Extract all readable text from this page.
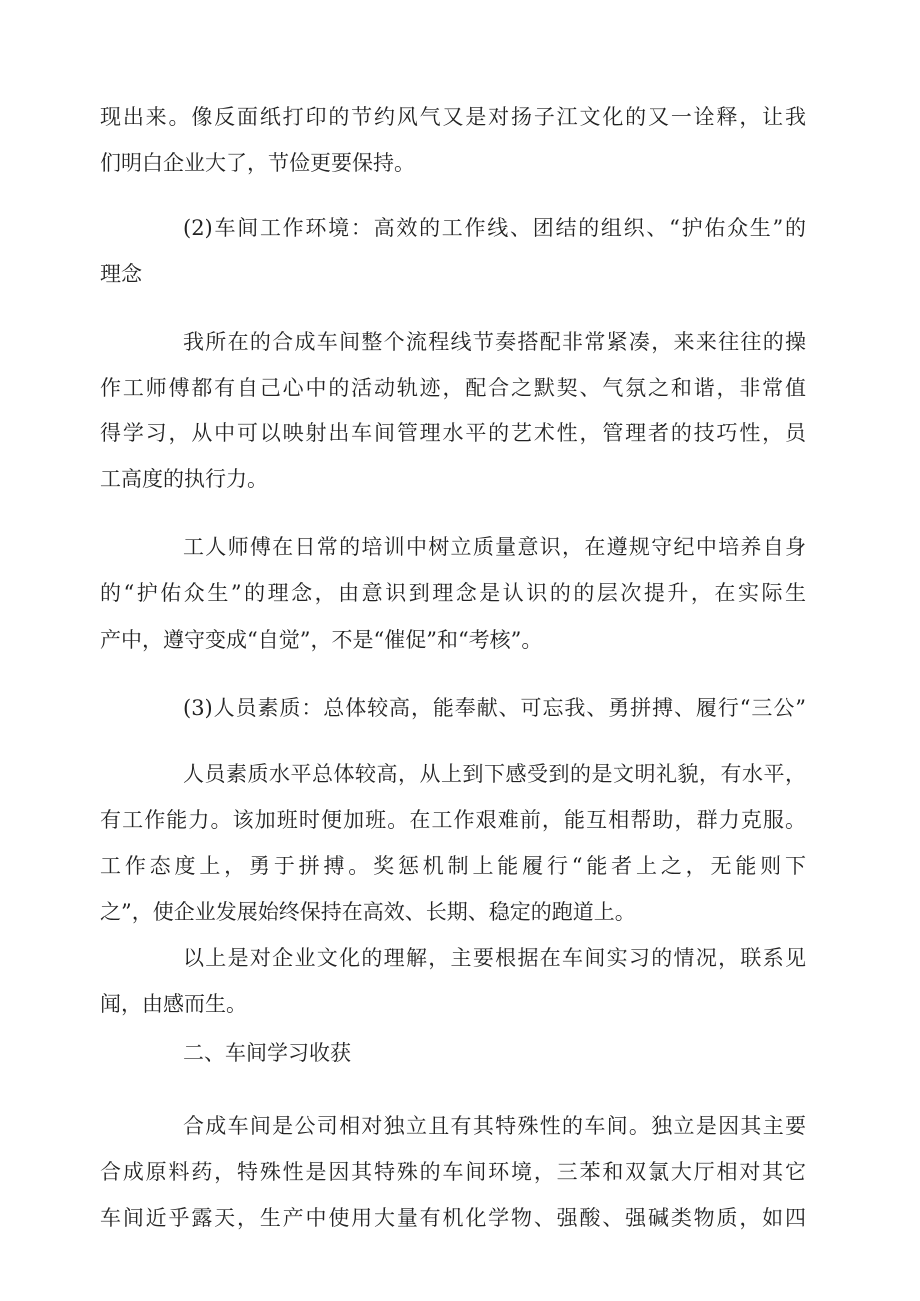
现出来。像反面纸打印的节约风气又是对扬子江文化的又一诠释，让我
们明白企业大了，节俭更要保持。
(2)车间工作环境：高效的工作线、团结的组织、“护佑众生”的
理念
我所在的合成车间整个流程线节奏搭配非常紧凑，来来往往的操
作工师傅都有自己心中的活动轨迹，配合之默契、气氛之和谐，非常值
得学习，从中可以映射出车间管理水平的艺术性，管理者的技巧性，员
工高度的执行力。
工人师傅在日常的培训中树立质量意识，在遵规守纪中培养自身
的“护佑众生”的理念，由意识到理念是认识的的层次提升，在实际生
产中，遵守变成“自觉”，不是“催促”和“考核”。
(3)人员素质：总体较高，能奉献、可忘我、勇拼搏、履行“三公”
人员素质水平总体较高，从上到下感受到的是文明礼貌，有水平，
有工作能力。该加班时便加班。在工作艰难前，能互相帮助，群力克服。
工作态度上，勇于拼搏。奖惩机制上能履行“能者上之，无能则下
之”，使企业发展始终保持在高效、长期、稳定的跑道上。
以上是对企业文化的理解，主要根据在车间实习的情况，联系见
闻，由感而生。
二、车间学习收获
合成车间是公司相对独立且有其特殊性的车间。独立是因其主要
合成原料药，特殊性是因其特殊的车间环境，三苯和双氯大厅相对其它
车间近乎露天，生产中使用大量有机化学物、强酸、强碱类物质，如四
